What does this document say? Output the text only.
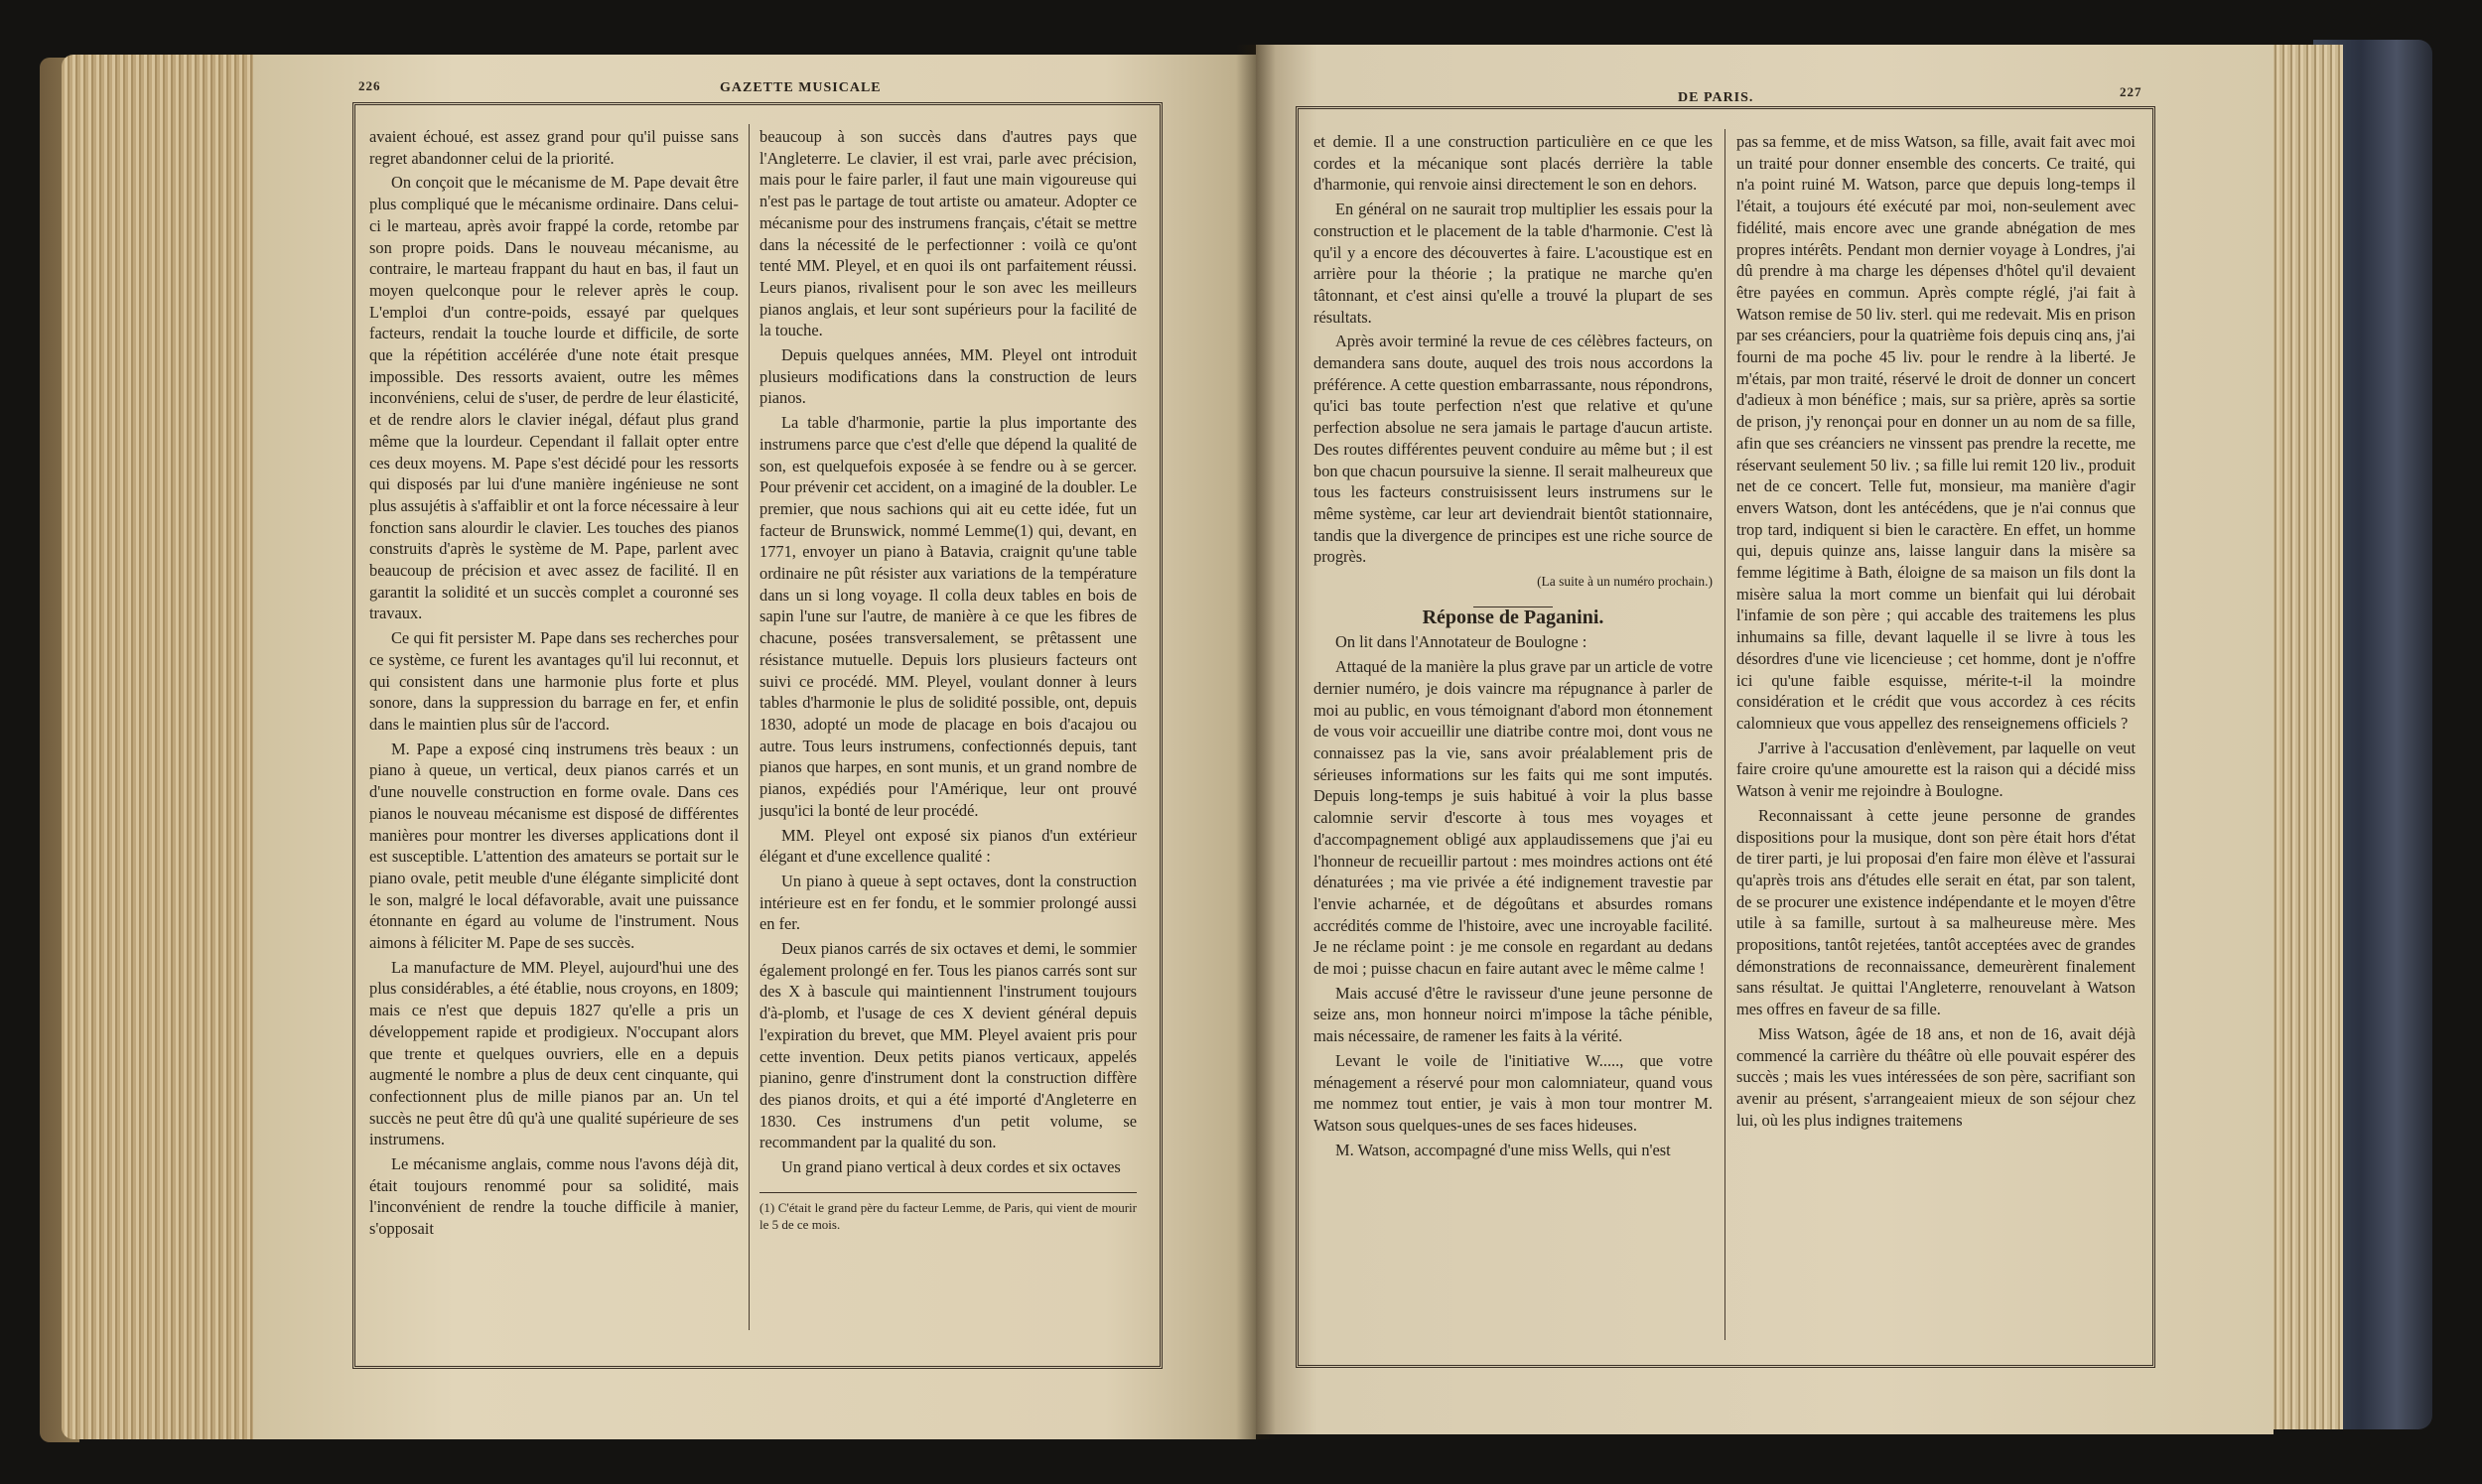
226	GAZETTE MUSICALE

avaient échoué, est assez grand pour qu'il puisse sans regret abandonner celui de la priorité.

On conçoit que le mécanisme de M. Pape devait être plus compliqué que le mécanisme ordinaire. Dans celui-ci le marteau, après avoir frappé la corde, retombe par son propre poids. Dans le nouveau mécanisme, au contraire, le marteau frappant du haut en bas, il faut un moyen quelconque pour le relever après le coup. L'emploi d'un contre-poids, essayé par quelques facteurs, rendait la touche lourde et difficile, de sorte que la répétition accélérée d'une note était presque impossible. Des ressorts avaient, outre les mêmes inconvéniens, celui de s'user, de perdre de leur élasticité, et de rendre alors le clavier inégal, défaut plus grand même que la lourdeur. Cependant il fallait opter entre ces deux moyens. M. Pape s'est décidé pour les ressorts qui disposés par lui d'une manière ingénieuse ne sont plus assujétis à s'affaiblir et ont la force nécessaire à leur fonction sans alourdir le clavier. Les touches des pianos construits d'après le système de M. Pape, parlent avec beaucoup de précision et avec assez de facilité. Il en garantit la solidité et un succès complet a couronné ses travaux.

Ce qui fit persister M. Pape dans ses recherches pour ce système, ce furent les avantages qu'il lui reconnut, et qui consistent dans une harmonie plus forte et plus sonore, dans la suppression du barrage en fer, et enfin dans le maintien plus sûr de l'accord.

M. Pape a exposé cinq instrumens très beaux : un piano à queue, un vertical, deux pianos carrés et un d'une nouvelle construction en forme ovale. Dans ces pianos le nouveau mécanisme est disposé de différentes manières pour montrer les diverses applications dont il est susceptible. L'attention des amateurs se portait sur le piano ovale, petit meuble d'une élégante simplicité dont le son, malgré le local défavorable, avait une puissance étonnante en égard au volume de l'instrument. Nous aimons à féliciter M. Pape de ses succès.

La manufacture de MM. Pleyel, aujourd'hui une des plus considérables, a été établie, nous croyons, en 1809; mais ce n'est que depuis 1827 qu'elle a pris un développement rapide et prodigieux. N'occupant alors que trente et quelques ouvriers, elle en a depuis augmenté le nombre a plus de deux cent cinquante, qui confectionnent plus de mille pianos par an. Un tel succès ne peut être dû qu'à une qualité supérieure de ses instrumens.

Le mécanisme anglais, comme nous l'avons déjà dit, était toujours renommé pour sa solidité, mais l'inconvénient de rendre la touche difficile à manier, s'opposait

beaucoup à son succès dans d'autres pays que l'Angleterre. Le clavier, il est vrai, parle avec précision, mais pour le faire parler, il faut une main vigoureuse qui n'est pas le partage de tout artiste ou amateur. Adopter ce mécanisme pour des instrumens français, c'était se mettre dans la nécessité de le perfectionner : voilà ce qu'ont tenté MM. Pleyel, et en quoi ils ont parfaitement réussi. Leurs pianos, rivalisent pour le son avec les meilleurs pianos anglais, et leur sont supérieurs pour la facilité de la touche.

Depuis quelques années, MM. Pleyel ont introduit plusieurs modifications dans la construction de leurs pianos.

La table d'harmonie, partie la plus importante des instrumens parce que c'est d'elle que dépend la qualité de son, est quelquefois exposée à se fendre ou à se gercer. Pour prévenir cet accident, on a imaginé de la doubler. Le premier, que nous sachions qui ait eu cette idée, fut un facteur de Brunswick, nommé Lemme(1) qui, devant, en 1771, envoyer un piano à Batavia, craignit qu'une table ordinaire ne pût résister aux variations de la température dans un si long voyage. Il colla deux tables en bois de sapin l'une sur l'autre, de manière à ce que les fibres de chacune, posées transversalement, se prêtassent une résistance mutuelle. Depuis lors plusieurs facteurs ont suivi ce procédé. MM. Pleyel, voulant donner à leurs tables d'harmonie le plus de solidité possible, ont, depuis 1830, adopté un mode de placage en bois d'acajou ou autre. Tous leurs instrumens, confectionnés depuis, tant pianos que harpes, en sont munis, et un grand nombre de pianos, expédiés pour l'Amérique, leur ont prouvé jusqu'ici la bonté de leur procédé.

MM. Pleyel ont exposé six pianos d'un extérieur élégant et d'une excellence qualité :

Un piano à queue à sept octaves, dont la construction intérieure est en fer fondu, et le sommier prolongé aussi en fer.

Deux pianos carrés de six octaves et demi, le sommier également prolongé en fer. Tous les pianos carrés sont sur des X à bascule qui maintiennent l'instrument toujours d'à-plomb, et l'usage de ces X devient général depuis l'expiration du brevet, que MM. Pleyel avaient pris pour cette invention. Deux petits pianos verticaux, appelés pianino, genre d'instrument dont la construction diffère des pianos droits, et qui a été importé d'Angleterre en 1830. Ces instrumens d'un petit volume, se recommandent par la qualité du son.

Un grand piano vertical à deux cordes et six octaves

(1) C'était le grand père du facteur Lemme, de Paris, qui vient de mourir le 5 de ce mois.
DE PARIS.	227

et demie. Il a une construction particulière en ce que les cordes et la mécanique sont placés derrière la table d'harmonie, qui renvoie ainsi directement le son en dehors.

En général on ne saurait trop multiplier les essais pour la construction et le placement de la table d'harmonie. C'est là qu'il y a encore des découvertes à faire. L'acoustique est en arrière pour la théorie ; la pratique ne marche qu'en tâtonnant, et c'est ainsi qu'elle a trouvé la plupart de ses résultats.

Après avoir terminé la revue de ces célèbres facteurs, on demandera sans doute, auquel des trois nous accordons la préférence. A cette question embarrassante, nous répondrons, qu'ici bas toute perfection n'est que relative et qu'une perfection absolue ne sera jamais le partage d'aucun artiste. Des routes différentes peuvent conduire au même but ; il est bon que chacun poursuive la sienne. Il serait malheureux que tous les facteurs construisissent leurs instrumens sur le même système, car leur art deviendrait bientôt stationnaire, tandis que la divergence de principes est une riche source de progrès.

(La suite à un numéro prochain.)

Réponse de Paganini.

On lit dans l'Annotateur de Boulogne :

Attaqué de la manière la plus grave par un article de votre dernier numéro, je dois vaincre ma répugnance à parler de moi au public, en vous témoignant d'abord mon étonnement de vous voir accueillir une diatribe contre moi, dont vous ne connaissez pas la vie, sans avoir préalablement pris de sérieuses informations sur les faits qui me sont imputés. Depuis long-temps je suis habitué à voir la plus basse calomnie servir d'escorte à tous mes voyages et d'accompagnement obligé aux applaudissemens que j'ai eu l'honneur de recueillir partout : mes moindres actions ont été dénaturées ; ma vie privée a été indignement travestie par l'envie acharnée, et de dégoûtans et absurdes romans accrédités comme de l'histoire, avec une incroyable facilité. Je ne réclame point : je me console en regardant au dedans de moi ; puisse chacun en faire autant avec le même calme !

Mais accusé d'être le ravisseur d'une jeune personne de seize ans, mon honneur noirci m'impose la tâche pénible, mais nécessaire, de ramener les faits à la vérité.

Levant le voile de l'initiative W....., que votre ménagement a réservé pour mon calomniateur, quand vous me nommez tout entier, je vais à mon tour montrer M. Watson sous quelques-unes de ses faces hideuses.

M. Watson, accompagné d'une miss Wells, qui n'est

pas sa femme, et de miss Watson, sa fille, avait fait avec moi un traité pour donner ensemble des concerts. Ce traité, qui n'a point ruiné M. Watson, parce que depuis long-temps il l'était, a toujours été exécuté par moi, non-seulement avec fidélité, mais encore avec une grande abnégation de mes propres intérêts. Pendant mon dernier voyage à Londres, j'ai dû prendre à ma charge les dépenses d'hôtel qu'il devaient être payées en commun. Après compte réglé, j'ai fait à Watson remise de 50 liv. sterl. qui me redevait. Mis en prison par ses créanciers, pour la quatrième fois depuis cinq ans, j'ai fourni de ma poche 45 liv. pour le rendre à la liberté. Je m'étais, par mon traité, réservé le droit de donner un concert d'adieux à mon bénéfice ; mais, sur sa prière, après sa sortie de prison, j'y renonçai pour en donner un au nom de sa fille, afin que ses créanciers ne vinssent pas prendre la recette, me réservant seulement 50 liv. ; sa fille lui remit 120 liv., produit net de ce concert. Telle fut, monsieur, ma manière d'agir envers Watson, dont les antécédens, que je n'ai connus que trop tard, indiquent si bien le caractère. En effet, un homme qui, depuis quinze ans, laisse languir dans la misère sa femme légitime à Bath, éloigne de sa maison un fils dont la misère salua la mort comme un bienfait qui lui dérobait l'infamie de son père ; qui accable des traitemens les plus inhumains sa fille, devant laquelle il se livre à tous les désordres d'une vie licencieuse ; cet homme, dont je n'offre ici qu'une faible esquisse, mérite-t-il la moindre considération et le crédit que vous accordez à ces récits calomnieux que vous appellez des renseignemens officiels ?

J'arrive à l'accusation d'enlèvement, par laquelle on veut faire croire qu'une amourette est la raison qui a décidé miss Watson à venir me rejoindre à Boulogne.

Reconnaissant à cette jeune personne de grandes dispositions pour la musique, dont son père était hors d'état de tirer parti, je lui proposai d'en faire mon élève et l'assurai qu'après trois ans d'études elle serait en état, par son talent, de se procurer une existence indépendante et le moyen d'être utile à sa famille, surtout à sa malheureuse mère. Mes propositions, tantôt rejetées, tantôt acceptées avec de grandes démonstrations de reconnaissance, demeurèrent finalement sans résultat. Je quittai l'Angleterre, renouvelant à Watson mes offres en faveur de sa fille.

Miss Watson, âgée de 18 ans, et non de 16, avait déjà commencé la carrière du théâtre où elle pouvait espérer des succès ; mais les vues intéressées de son père, sacrifiant son avenir au présent, s'arrangeaient mieux de son séjour chez lui, où les plus indignes traitemens
